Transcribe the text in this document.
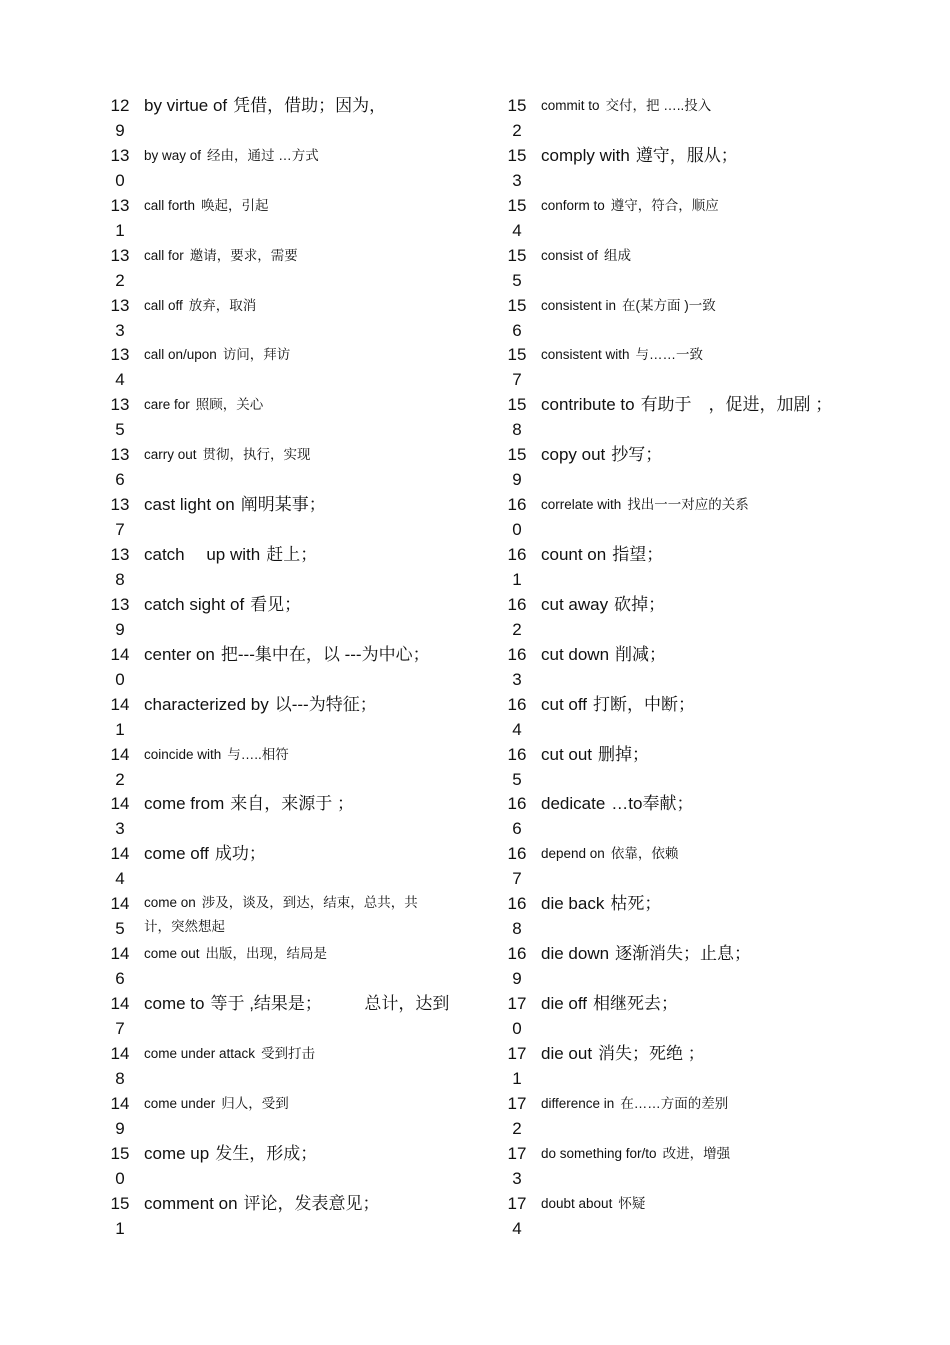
12
9
by virtue of 凭借，借助；因为，
13
0
by way of 经由，通过 …方式
13
1
call forth 唤起，引起
13
2
call for 邀请，要求，需要
13
3
call off 放弃，取消
13
4
call on/upon 访问，拜访
13
5
care for 照顾，关心
13
6
carry out 贯彻，执行，实现
13
7
cast light on 阐明某事；
13
8
catch　 up with 赶上；
13
9
catch sight of 看见；
14
0
center on 把---集中在，以 ---为中心；
14
1
characterized by 以---为特征；
14
2
coincide with 与…..相符
14
3
come from 来自，来源于 ；
14
4
come off 成功；
14
5
come on 涉及，谈及，到达，结束，总共，共计，突然想起
14
6
come out 出版，出现，结局是
14
7
come to 等于 ,结果是；　　　总计，达到
14
8
come under attack 受到打击
14
9
come under 归人，受到
15
0
come up 发生，形成；
15
1
comment on 评论，发表意见；
15
2
commit to 交付，把 …..投入
15
3
comply with 遵守，服从；
15
4
conform to 遵守，符合，顺应
15
5
consist of 组成
15
6
consistent in 在(某方面 )一致
15
7
consistent with 与……一致
15
8
contribute to 有助于　，促进，加剧 ；
15
9
copy out 抄写；
16
0
correlate with 找出一一对应的关系
16
1
count on 指望；
16
2
cut away 砍掉；
16
3
cut down 削减；
16
4
cut off 打断，中断；
16
5
cut out 删掉；
16
6
dedicate …to奉献；
16
7
depend on 依靠，依赖
16
8
die back 枯死；
16
9
die down 逐渐消失；止息；
17
0
die off 相继死去；
17
1
die out 消失；死绝 ；
17
2
difference in 在……方面的差别
17
3
do something for/to 改进，增强
17
4
doubt about 怀疑
